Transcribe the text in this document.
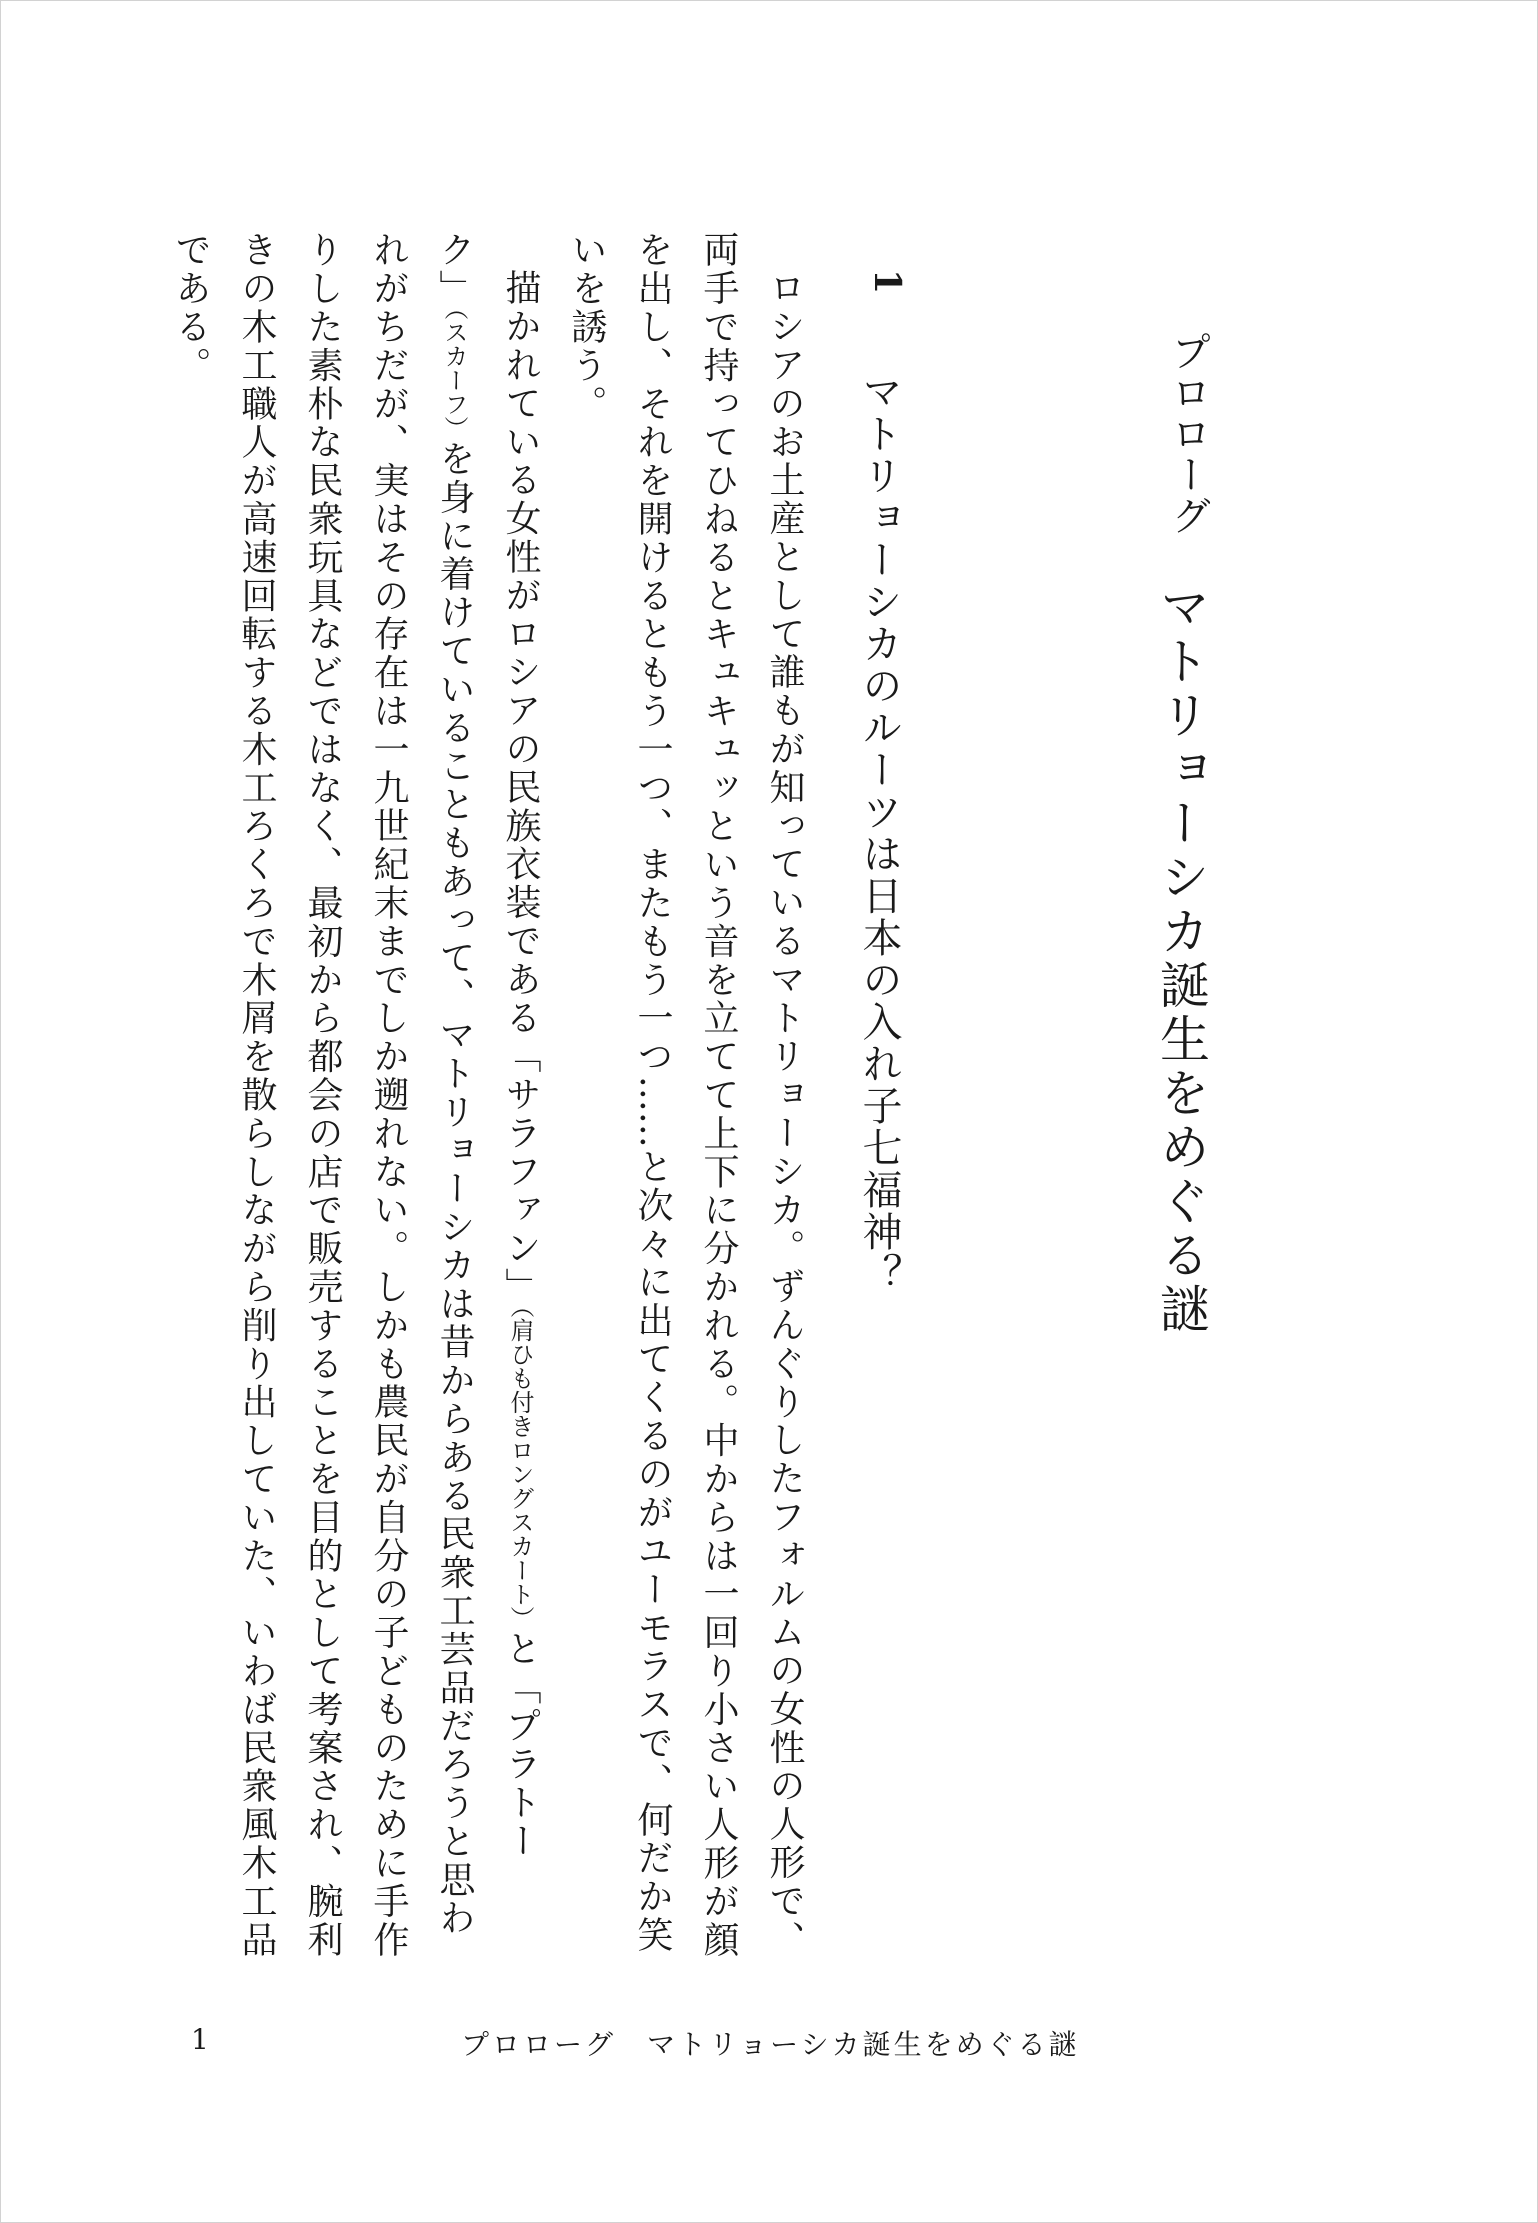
プロローグ
マトリョーシカ誕生をめぐる謎
1
マトリョーシカのルーツは日本の入れ子七福神？
ロシアのお土産として誰もが知っているマトリョーシカ。ずんぐりしたフォルムの女性の人形で、
両手で持ってひねるとキュキュッという音を立てて上下に分かれる。中からは一回り小さい人形が顔
を出し、それを開けるともう一つ、またもう一つ……と次々に出てくるのがユーモラスで、何だか笑
いを誘う。
描かれている女性がロシアの民族衣装である「サラファン」（肩ひも付きロングスカート）と「プラトー
ク」（スカーフ）を身に着けていることもあって、マトリョーシカは昔からある民衆工芸品だろうと思わ
れがちだが、実はその存在は一九世紀末までしか遡れない。しかも農民が自分の子どものために手作
りした素朴な民衆玩具などではなく、最初から都会の店で販売することを目的として考案され、腕利
きの木工職人が高速回転する木工ろくろで木屑を散らしながら削り出していた、いわば民衆風木工品
である。
1	プロローグ　マトリョーシカ誕生をめぐる謎
